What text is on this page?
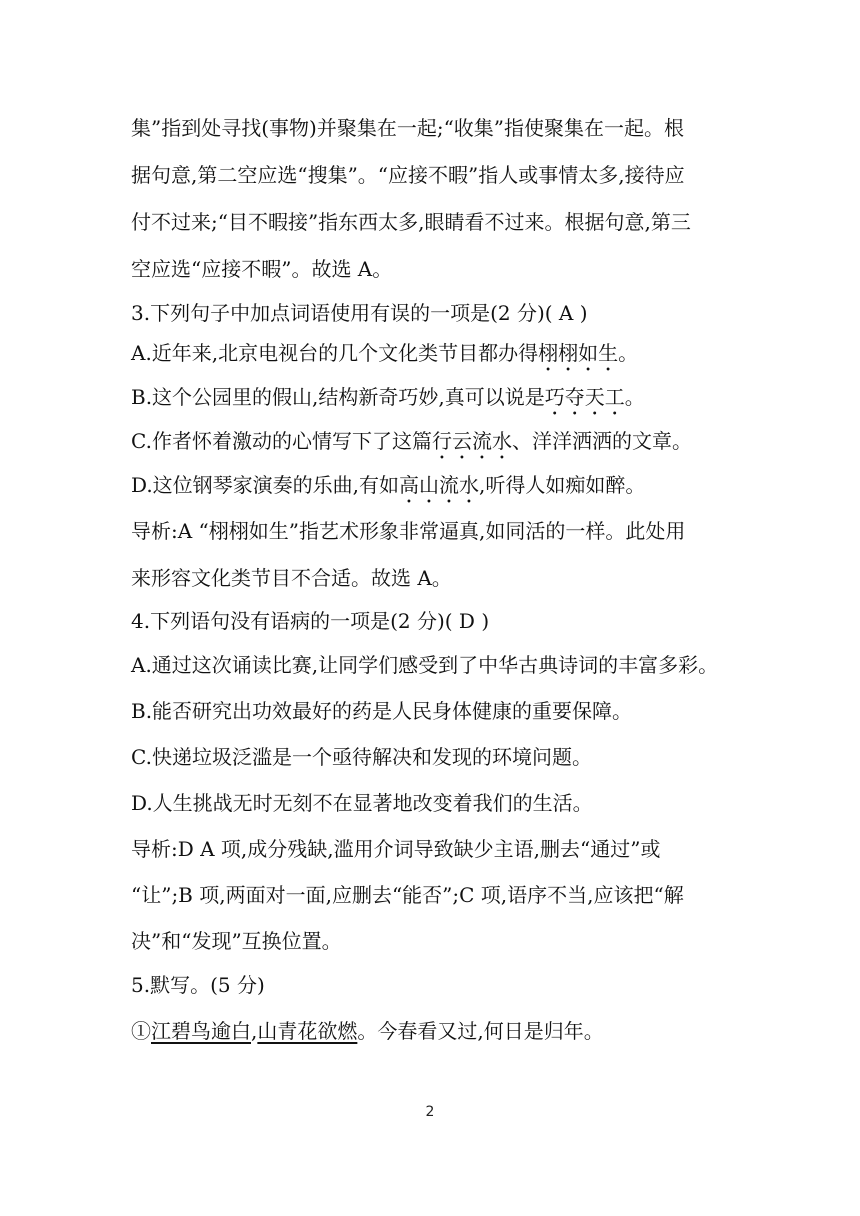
集”指到处寻找(事物)并聚集在一起;“收集”指使聚集在一起。根
据句意,第二空应选“搜集”。“应接不暇”指人或事情太多,接待应
付不过来;“目不暇接”指东西太多,眼睛看不过来。根据句意,第三
空应选“应接不暇”。故选 A。
3.下列句子中加点词语使用有误的一项是(2 分)( A )
A.近年来,北京电视台的几个文化类节目都办得栩栩如生。
B.这个公园里的假山,结构新奇巧妙,真可以说是巧夺天工。
C.作者怀着激动的心情写下了这篇行云流水、洋洋洒洒的文章。
D.这位钢琴家演奏的乐曲,有如高山流水,听得人如痴如醉。
导析:A “栩栩如生”指艺术形象非常逼真,如同活的一样。此处用
来形容文化类节目不合适。故选 A。
4.下列语句没有语病的一项是(2 分)( D )
A.通过这次诵读比赛,让同学们感受到了中华古典诗词的丰富多彩。
B.能否研究出功效最好的药是人民身体健康的重要保障。
C.快递垃圾泛滥是一个亟待解决和发现的环境问题。
D.人生挑战无时无刻不在显著地改变着我们的生活。
导析:D A 项,成分残缺,滥用介词导致缺少主语,删去“通过”或
“让”;B 项,两面对一面,应删去“能否”;C 项,语序不当,应该把“解
决”和“发现”互换位置。
5.默写。(5 分)
①江碧鸟逾白,山青花欲燃。今春看又过,何日是归年。
2
